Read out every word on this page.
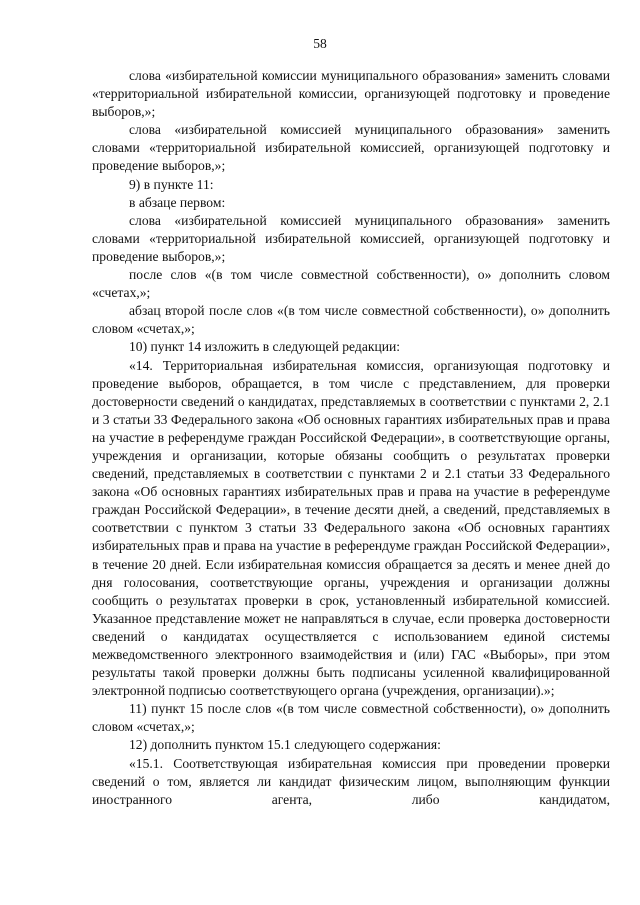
58

слова «избирательной комиссии муниципального образования» заменить словами «территориальной избирательной комиссии, организующей подготовку и проведение выборов,»;

слова «избирательной комиссией муниципального образования» заменить словами «территориальной избирательной комиссией, организующей подготовку и проведение выборов,»;

9) в пункте 11:

в абзаце первом:

слова «избирательной комиссией муниципального образования» заменить словами «территориальной избирательной комиссией, организующей подготовку и проведение выборов,»;

после слов «(в том числе совместной собственности), о» дополнить словом «счетах,»;

абзац второй после слов «(в том числе совместной собственности), о» дополнить словом «счетах,»;

10) пункт 14 изложить в следующей редакции:

«14. Территориальная избирательная комиссия, организующая подготовку и проведение выборов, обращается, в том числе с представлением, для проверки достоверности сведений о кандидатах, представляемых в соответствии с пунктами 2, 2.1 и 3 статьи 33 Федерального закона «Об основных гарантиях избирательных прав и права на участие в референдуме граждан Российской Федерации», в соответствующие органы, учреждения и организации, которые обязаны сообщить о результатах проверки сведений, представляемых в соответствии с пунктами 2 и 2.1 статьи 33 Федерального закона «Об основных гарантиях избирательных прав и права на участие в референдуме граждан Российской Федерации», в течение десяти дней, а сведений, представляемых в соответствии с пунктом 3 статьи 33 Федерального закона «Об основных гарантиях избирательных прав и права на участие в референдуме граждан Российской Федерации», в течение 20 дней. Если избирательная комиссия обращается за десять и менее дней до дня голосования, соответствующие органы, учреждения и организации должны сообщить о результатах проверки в срок, установленный избирательной комиссией. Указанное представление может не направляться в случае, если проверка достоверности сведений о кандидатах осуществляется с использованием единой системы межведомственного электронного взаимодействия и (или) ГАС «Выборы», при этом результаты такой проверки должны быть подписаны усиленной квалифицированной электронной подписью соответствующего органа (учреждения, организации).»;

11) пункт 15 после слов «(в том числе совместной собственности), о» дополнить словом «счетах,»;

12) дополнить пунктом 15.1 следующего содержания:

«15.1. Соответствующая избирательная комиссия при проведении проверки сведений о том, является ли кандидат физическим лицом, выполняющим функции иностранного агента, либо кандидатом,
